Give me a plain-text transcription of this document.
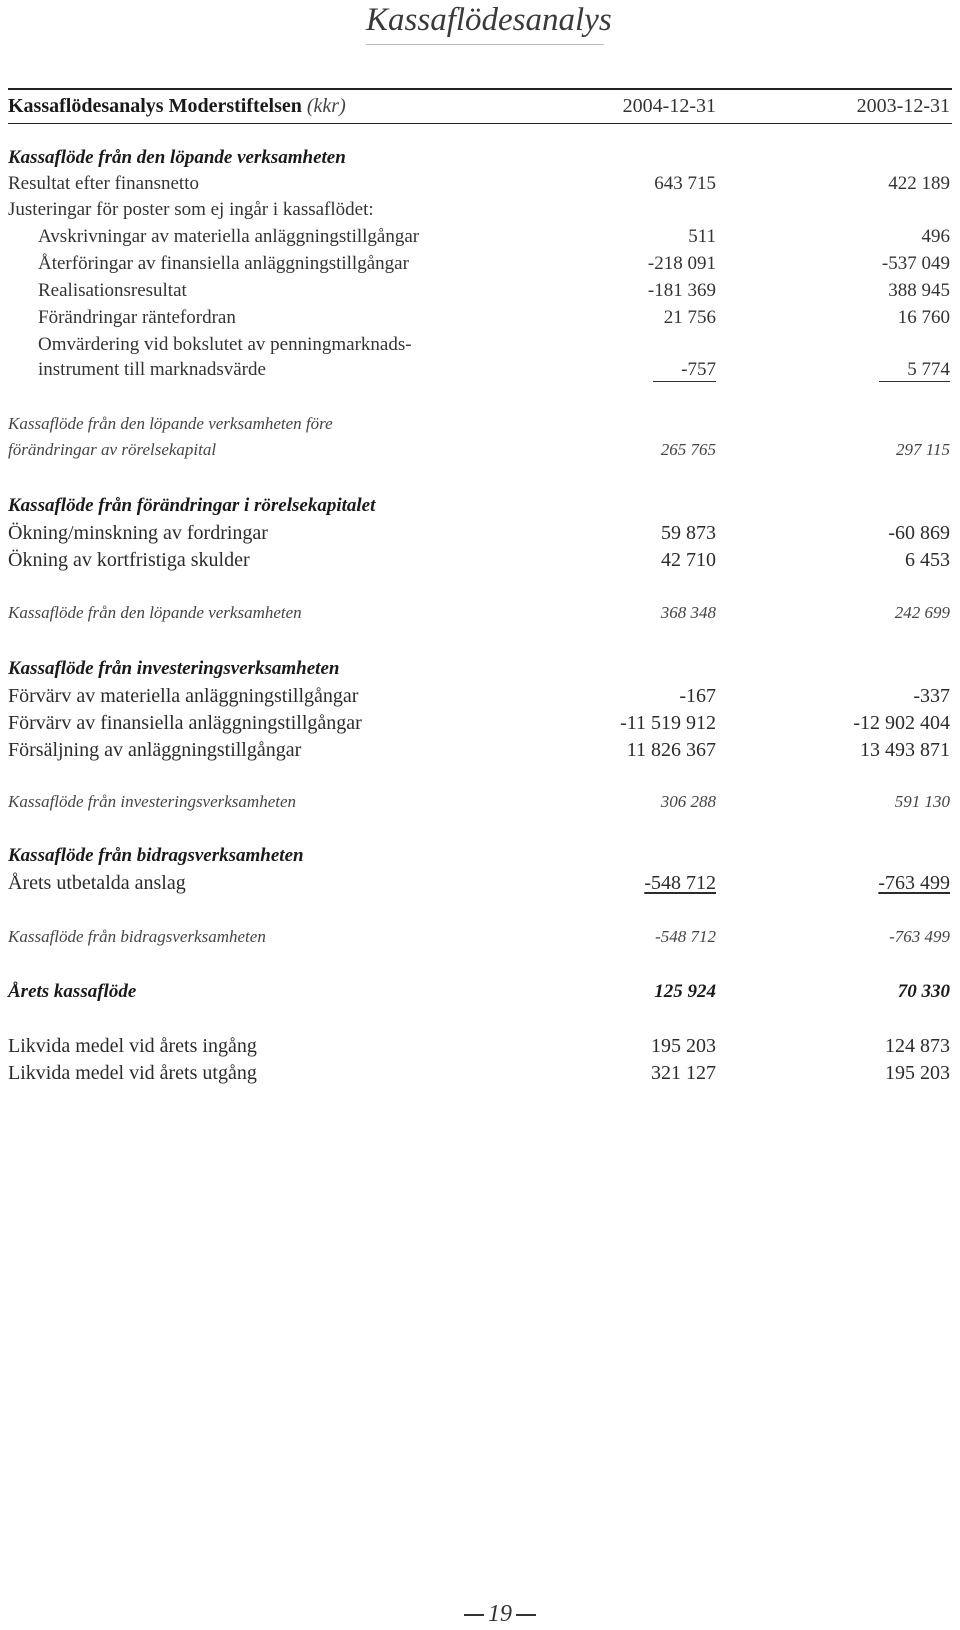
Kassaflödesanalys
Kassaflödesanalys Moderstiftelsen (kkr)	2004-12-31	2003-12-31
Kassaflöde från den löpande verksamheten
Resultat efter finansnetto	643 715	422 189
Justeringar för poster som ej ingår i kassaflödet:
Avskrivningar av materiella anläggningstillgångar	511	496
Återföringar av finansiella anläggningstillgångar	-218 091	-537 049
Realisationsresultat	-181 369	388 945
Förändringar räntefordran	21 756	16 760
Omvärdering vid bokslutet av penningmarknads-
instrument till marknadsvärde	-757	5 774
Kassaflöde från den löpande verksamheten före
förändringar av rörelsekapital	265 765	297 115
Kassaflöde från förändringar i rörelsekapitalet
Ökning/minskning av fordringar	59 873	-60 869
Ökning av kortfristiga skulder	42 710	6 453
Kassaflöde från den löpande verksamheten	368 348	242 699
Kassaflöde från investeringsverksamheten
Förvärv av materiella anläggningstillgångar	-167	-337
Förvärv av finansiella anläggningstillgångar	-11 519 912	-12 902 404
Försäljning av anläggningstillgångar	11 826 367	13 493 871
Kassaflöde från investeringsverksamheten	306 288	591 130
Kassaflöde från bidragsverksamheten
Årets utbetalda anslag	-548 712	-763 499
Kassaflöde från bidragsverksamheten	-548 712	-763 499
Årets kassaflöde	125 924	70 330
Likvida medel vid årets ingång	195 203	124 873
Likvida medel vid årets utgång	321 127	195 203
19
